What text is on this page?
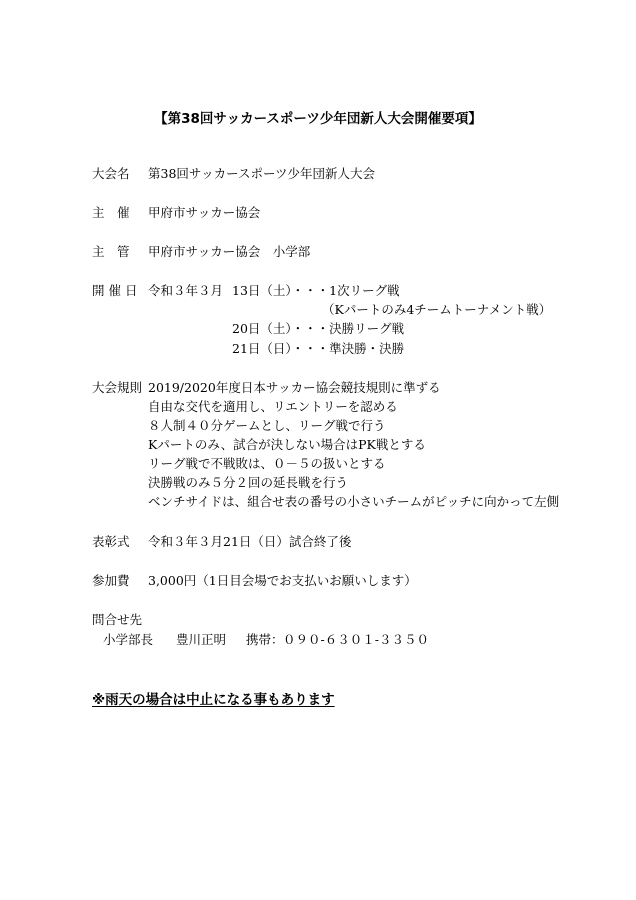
【第38回サッカースポーツ少年団新人大会開催要項】
大会名 第38回サッカースポーツ少年団新人大会
主　催 甲府市サッカー協会
主　管 甲府市サッカー協会　小学部
開 催 日 令和３年３月 13日（土）・・・1次リーグ戦
（Kパートのみ4チームトーナメント戦）
20日（土）・・・決勝リーグ戦
21日（日）・・・準決勝・決勝
大会規則 2019/2020年度日本サッカー協会競技規則に準ずる
自由な交代を適用し、リエントリーを認める
８人制４０分ゲームとし、リーグ戦で行う
Kパートのみ、試合が決しない場合はPK戦とする
リーグ戦で不戦敗は、０－５の扱いとする
決勝戦のみ５分２回の延長戦を行う
ベンチサイドは、組合せ表の番号の小さいチームがピッチに向かって左側
表彰式 令和３年３月21日（日）試合終了後
参加費 3,000円（1日目会場でお支払いお願いします）
問合せ先
小学部長 豊川正明 携帯： ０９０-６３０１-３３５０
※雨天の場合は中止になる事もあります
